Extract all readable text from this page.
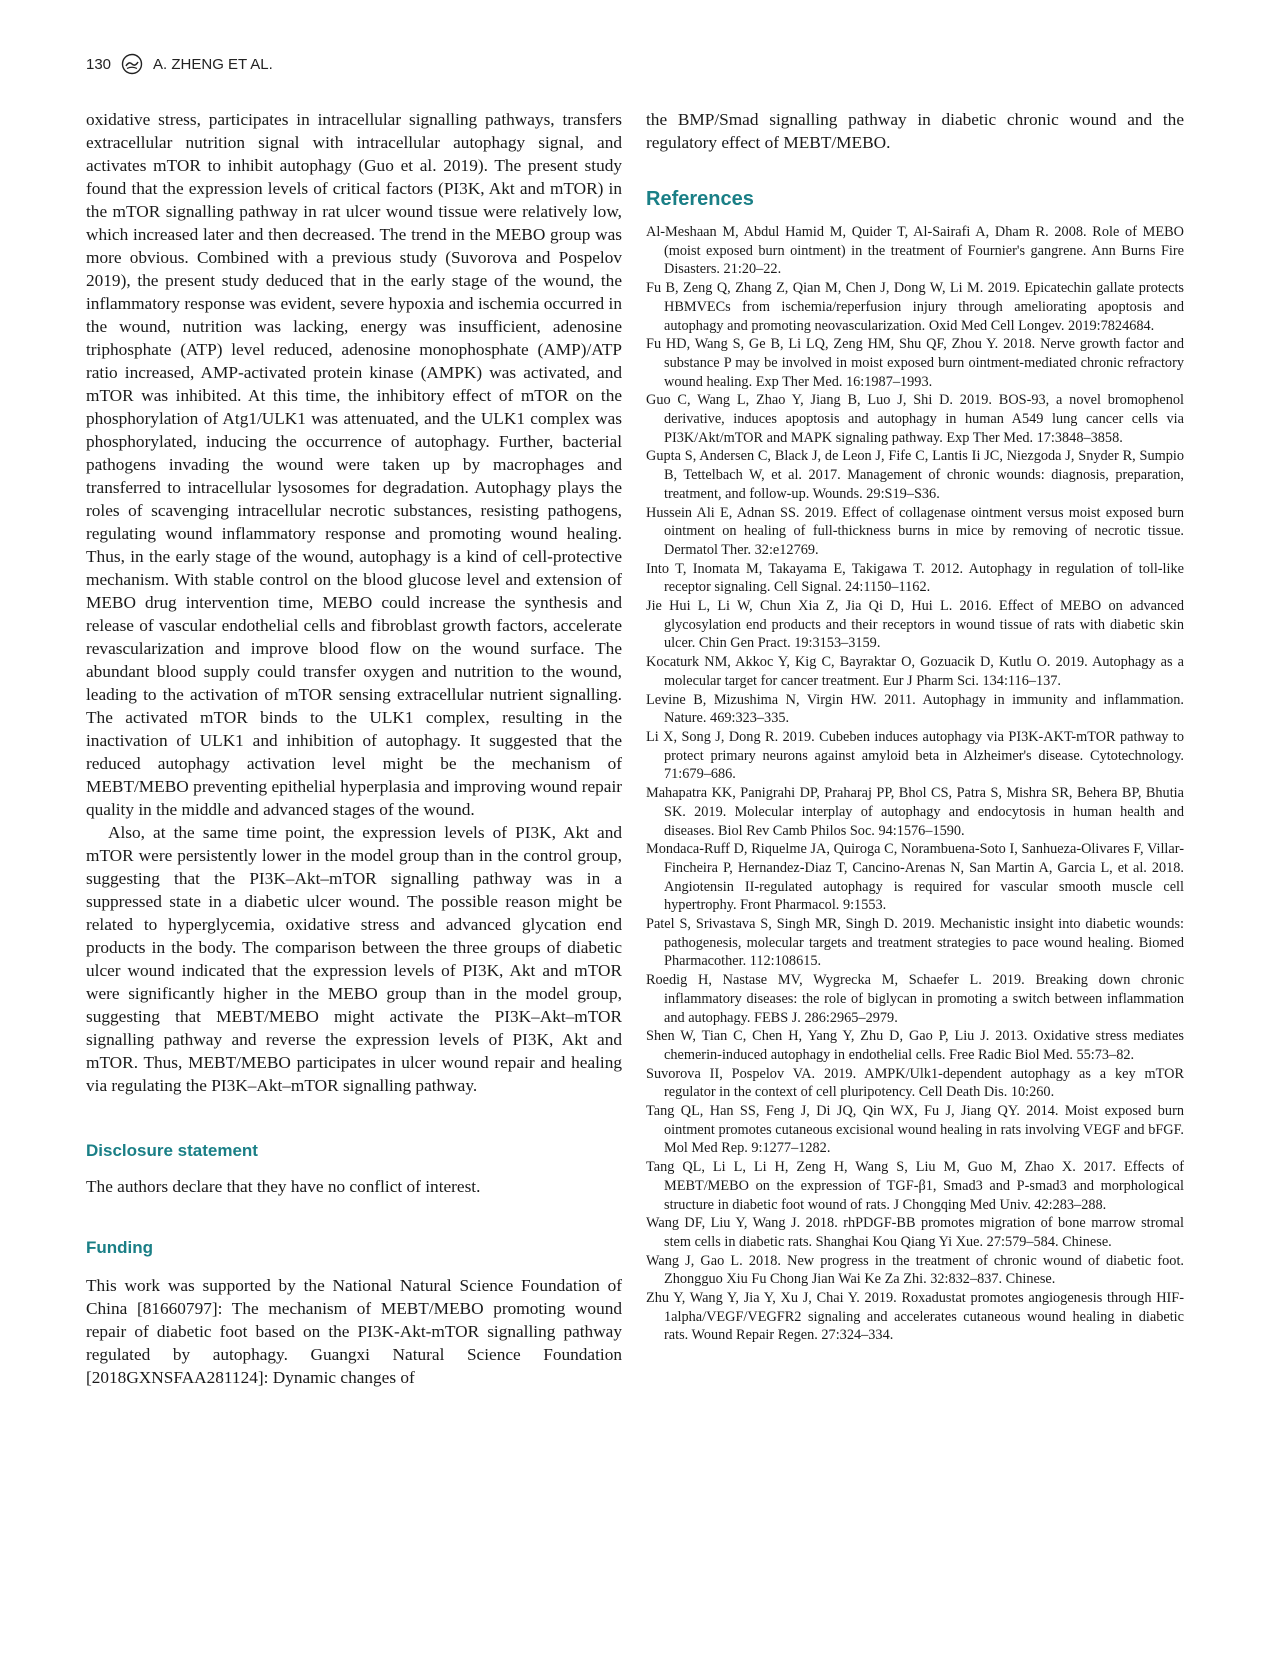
130	A. ZHENG ET AL.

oxidative stress, participates in intracellular signalling pathways, transfers extracellular nutrition signal with intracellular autophagy signal, and activates mTOR to inhibit autophagy (Guo et al. 2019). The present study found that the expression levels of critical factors (PI3K, Akt and mTOR) in the mTOR signalling pathway in rat ulcer wound tissue were relatively low, which increased later and then decreased. The trend in the MEBO group was more obvious. Combined with a previous study (Suvorova and Pospelov 2019), the present study deduced that in the early stage of the wound, the inflammatory response was evident, severe hypoxia and ischemia occurred in the wound, nutrition was lacking, energy was insufficient, adenosine triphosphate (ATP) level reduced, adenosine monophosphate (AMP)/ATP ratio increased, AMP-activated protein kinase (AMPK) was activated, and mTOR was inhibited. At this time, the inhibitory effect of mTOR on the phosphorylation of Atg1/ULK1 was attenuated, and the ULK1 complex was phosphorylated, inducing the occurrence of autophagy. Further, bacterial pathogens invading the wound were taken up by macrophages and transferred to intracellular lysosomes for degradation. Autophagy plays the roles of scavenging intracellular necrotic substances, resisting pathogens, regulating wound inflammatory response and promoting wound healing. Thus, in the early stage of the wound, autophagy is a kind of cell-protective mechanism. With stable control on the blood glucose level and extension of MEBO drug intervention time, MEBO could increase the synthesis and release of vascular endothelial cells and fibroblast growth factors, accelerate revascularization and improve blood flow on the wound surface. The abundant blood supply could transfer oxygen and nutrition to the wound, leading to the activation of mTOR sensing extracellular nutrient signalling. The activated mTOR binds to the ULK1 complex, resulting in the inactivation of ULK1 and inhibition of autophagy. It suggested that the reduced autophagy activation level might be the mechanism of MEBT/MEBO preventing epithelial hyperplasia and improving wound repair quality in the middle and advanced stages of the wound.

Also, at the same time point, the expression levels of PI3K, Akt and mTOR were persistently lower in the model group than in the control group, suggesting that the PI3K–Akt–mTOR signalling pathway was in a suppressed state in a diabetic ulcer wound. The possible reason might be related to hyperglycemia, oxidative stress and advanced glycation end products in the body. The comparison between the three groups of diabetic ulcer wound indicated that the expression levels of PI3K, Akt and mTOR were significantly higher in the MEBO group than in the model group, suggesting that MEBT/MEBO might activate the PI3K–Akt–mTOR signalling pathway and reverse the expression levels of PI3K, Akt and mTOR. Thus, MEBT/MEBO participates in ulcer wound repair and healing via regulating the PI3K–Akt–mTOR signalling pathway.

Disclosure statement

The authors declare that they have no conflict of interest.

Funding

This work was supported by the National Natural Science Foundation of China [81660797]: The mechanism of MEBT/MEBO promoting wound repair of diabetic foot based on the PI3K-Akt-mTOR signalling pathway regulated by autophagy. Guangxi Natural Science Foundation [2018GXNSFAA281124]: Dynamic changes of

the BMP/Smad signalling pathway in diabetic chronic wound and the regulatory effect of MEBT/MEBO.

References
Al-Meshaan M, Abdul Hamid M, Quider T, Al-Sairafi A, Dham R. 2008. Role of MEBO (moist exposed burn ointment) in the treatment of Fournier's gangrene. Ann Burns Fire Disasters. 21:20–22.
Fu B, Zeng Q, Zhang Z, Qian M, Chen J, Dong W, Li M. 2019. Epicatechin gallate protects HBMVECs from ischemia/reperfusion injury through ameliorating apoptosis and autophagy and promoting neovascularization. Oxid Med Cell Longev. 2019:7824684.
Fu HD, Wang S, Ge B, Li LQ, Zeng HM, Shu QF, Zhou Y. 2018. Nerve growth factor and substance P may be involved in moist exposed burn ointment-mediated chronic refractory wound healing. Exp Ther Med. 16:1987–1993.
Guo C, Wang L, Zhao Y, Jiang B, Luo J, Shi D. 2019. BOS-93, a novel bromophenol derivative, induces apoptosis and autophagy in human A549 lung cancer cells via PI3K/Akt/mTOR and MAPK signaling pathway. Exp Ther Med. 17:3848–3858.
Gupta S, Andersen C, Black J, de Leon J, Fife C, Lantis Ii JC, Niezgoda J, Snyder R, Sumpio B, Tettelbach W, et al. 2017. Management of chronic wounds: diagnosis, preparation, treatment, and follow-up. Wounds. 29:S19–S36.
Hussein Ali E, Adnan SS. 2019. Effect of collagenase ointment versus moist exposed burn ointment on healing of full-thickness burns in mice by removing of necrotic tissue. Dermatol Ther. 32:e12769.
Into T, Inomata M, Takayama E, Takigawa T. 2012. Autophagy in regulation of toll-like receptor signaling. Cell Signal. 24:1150–1162.
Jie Hui L, Li W, Chun Xia Z, Jia Qi D, Hui L. 2016. Effect of MEBO on advanced glycosylation end products and their receptors in wound tissue of rats with diabetic skin ulcer. Chin Gen Pract. 19:3153–3159.
Kocaturk NM, Akkoc Y, Kig C, Bayraktar O, Gozuacik D, Kutlu O. 2019. Autophagy as a molecular target for cancer treatment. Eur J Pharm Sci. 134:116–137.
Levine B, Mizushima N, Virgin HW. 2011. Autophagy in immunity and inflammation. Nature. 469:323–335.
Li X, Song J, Dong R. 2019. Cubeben induces autophagy via PI3K-AKT-mTOR pathway to protect primary neurons against amyloid beta in Alzheimer's disease. Cytotechnology. 71:679–686.
Mahapatra KK, Panigrahi DP, Praharaj PP, Bhol CS, Patra S, Mishra SR, Behera BP, Bhutia SK. 2019. Molecular interplay of autophagy and endocytosis in human health and diseases. Biol Rev Camb Philos Soc. 94:1576–1590.
Mondaca-Ruff D, Riquelme JA, Quiroga C, Norambuena-Soto I, Sanhueza-Olivares F, Villar-Fincheira P, Hernandez-Diaz T, Cancino-Arenas N, San Martin A, Garcia L, et al. 2018. Angiotensin II-regulated autophagy is required for vascular smooth muscle cell hypertrophy. Front Pharmacol. 9:1553.
Patel S, Srivastava S, Singh MR, Singh D. 2019. Mechanistic insight into diabetic wounds: pathogenesis, molecular targets and treatment strategies to pace wound healing. Biomed Pharmacother. 112:108615.
Roedig H, Nastase MV, Wygrecka M, Schaefer L. 2019. Breaking down chronic inflammatory diseases: the role of biglycan in promoting a switch between inflammation and autophagy. FEBS J. 286:2965–2979.
Shen W, Tian C, Chen H, Yang Y, Zhu D, Gao P, Liu J. 2013. Oxidative stress mediates chemerin-induced autophagy in endothelial cells. Free Radic Biol Med. 55:73–82.
Suvorova II, Pospelov VA. 2019. AMPK/Ulk1-dependent autophagy as a key mTOR regulator in the context of cell pluripotency. Cell Death Dis. 10:260.
Tang QL, Han SS, Feng J, Di JQ, Qin WX, Fu J, Jiang QY. 2014. Moist exposed burn ointment promotes cutaneous excisional wound healing in rats involving VEGF and bFGF. Mol Med Rep. 9:1277–1282.
Tang QL, Li L, Li H, Zeng H, Wang S, Liu M, Guo M, Zhao X. 2017. Effects of MEBT/MEBO on the expression of TGF-β1, Smad3 and P-smad3 and morphological structure in diabetic foot wound of rats. J Chongqing Med Univ. 42:283–288.
Wang DF, Liu Y, Wang J. 2018. rhPDGF-BB promotes migration of bone marrow stromal stem cells in diabetic rats. Shanghai Kou Qiang Yi Xue. 27:579–584. Chinese.
Wang J, Gao L. 2018. New progress in the treatment of chronic wound of diabetic foot. Zhongguo Xiu Fu Chong Jian Wai Ke Za Zhi. 32:832–837. Chinese.
Zhu Y, Wang Y, Jia Y, Xu J, Chai Y. 2019. Roxadustat promotes angiogenesis through HIF-1alpha/VEGF/VEGFR2 signaling and accelerates cutaneous wound healing in diabetic rats. Wound Repair Regen. 27:324–334.
